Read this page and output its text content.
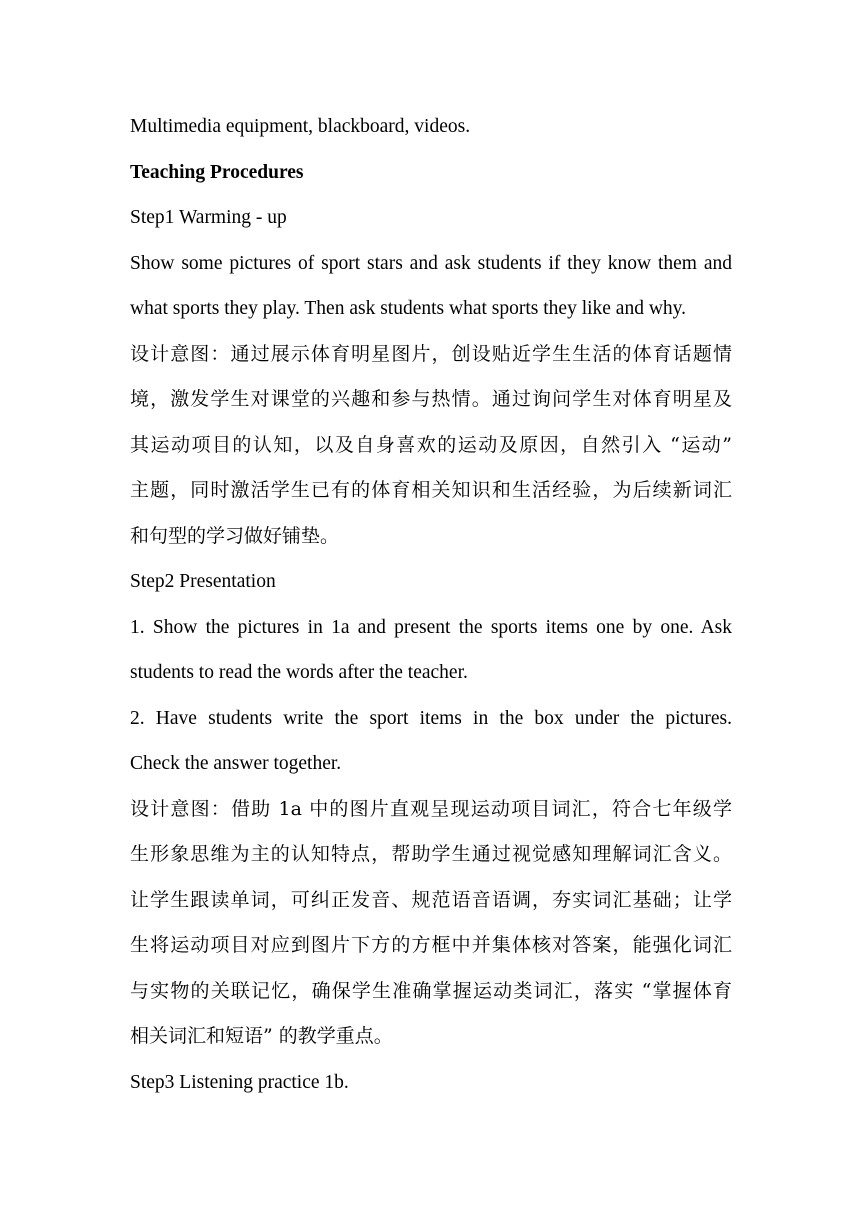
Multimedia equipment, blackboard, videos.
Teaching Procedures
Step1 Warming - up
Show some pictures of sport stars and ask students if they know them and
what sports they play. Then ask students what sports they like and why.
设计意图：通过展示体育明星图片，创设贴近学生生活的体育话题情
境，激发学生对课堂的兴趣和参与热情。通过询问学生对体育明星及
其运动项目的认知，以及自身喜欢的运动及原因，自然引入 “运动”
主题，同时激活学生已有的体育相关知识和生活经验，为后续新词汇
和句型的学习做好铺垫。
Step2 Presentation
1. Show the pictures in 1a and present the sports items one by one. Ask
students to read the words after the teacher.
2. Have students write the sport items in the box under the pictures.
Check the answer together.
设计意图：借助 1a 中的图片直观呈现运动项目词汇，符合七年级学
生形象思维为主的认知特点，帮助学生通过视觉感知理解词汇含义。
让学生跟读单词，可纠正发音、规范语音语调，夯实词汇基础；让学
生将运动项目对应到图片下方的方框中并集体核对答案，能强化词汇
与实物的关联记忆，确保学生准确掌握运动类词汇，落实 “掌握体育
相关词汇和短语” 的教学重点。
Step3 Listening practice 1b.
